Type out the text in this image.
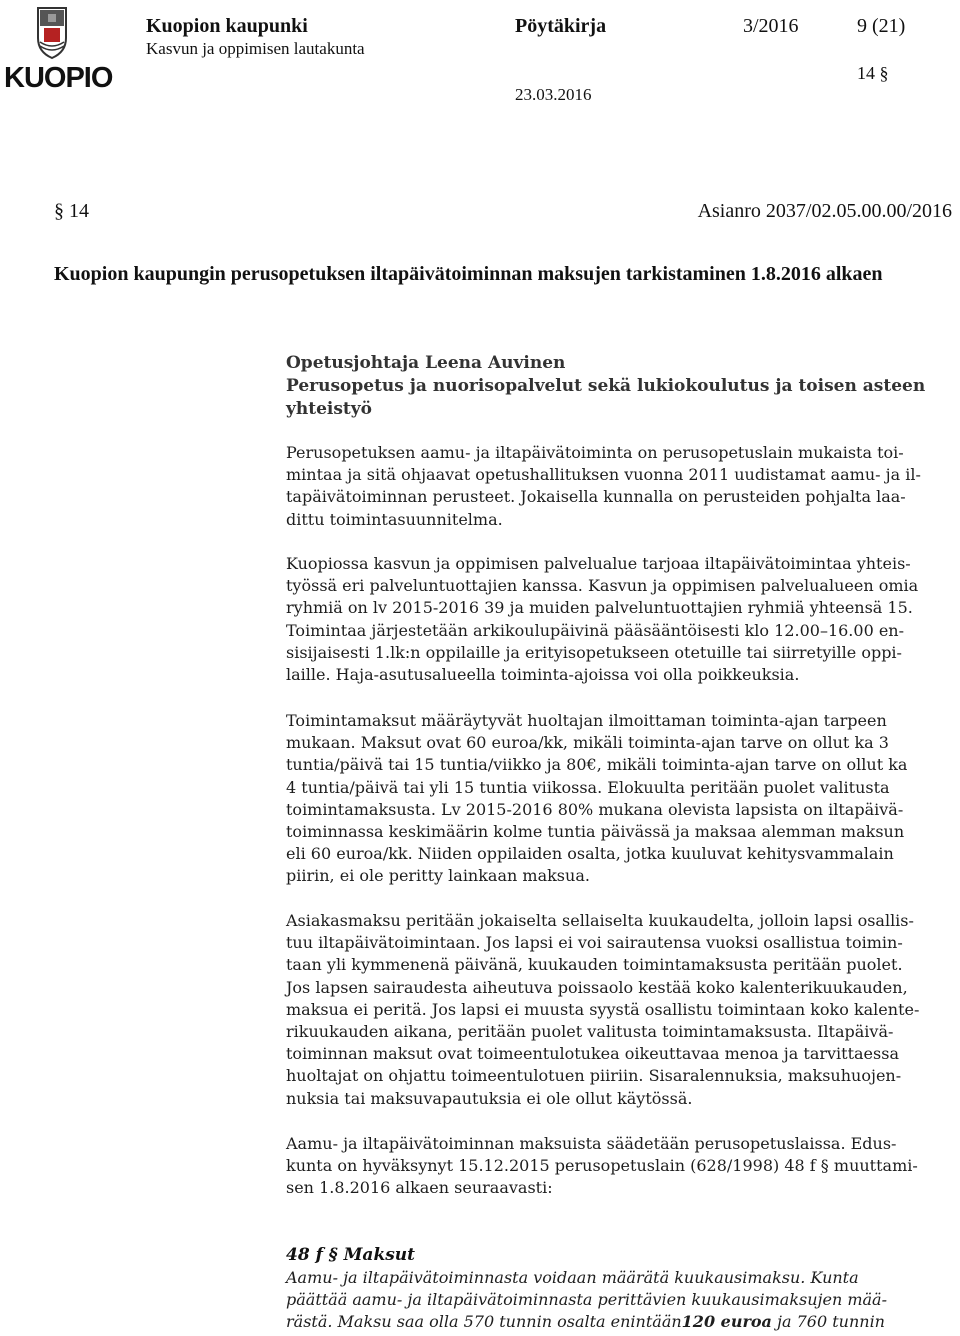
KUOPIO
Kuopion kaupunki
Kasvun ja oppimisen lautakunta
Pöytäkirja	3/2016	9 (21)
14 §
23.03.2016
§ 14	Asianro 2037/02.05.00.00/2016
Kuopion kaupungin perusopetuksen iltapäivätoiminnan maksujen tarkistaminen 1.8.2016 alkaen
Opetusjohtaja Leena Auvinen
Perusopetus ja nuorisopalvelut sekä lukiokoulutus ja toisen asteen yhteistyö

Perusopetuksen aamu- ja iltapäivätoiminta on perusopetuslain mukaista toi-
mintaa ja sitä ohjaavat opetushallituksen vuonna 2011 uudistamat aamu- ja il-
tapäivätoiminnan perusteet. Jokaisella kunnalla on perusteiden pohjalta laa-
dittu toimintasuunnitelma.

Kuopiossa kasvun ja oppimisen palvelualue tarjoaa iltapäivätoimintaa yhteis-
työssä eri palveluntuottajien kanssa. Kasvun ja oppimisen palvelualueen omia
ryhmiä on lv 2015-2016 39 ja muiden palveluntuottajien ryhmiä yhteensä 15.
Toimintaa järjestetään arkikoulupäivinä pääsääntöisesti klo 12.00–16.00 en-
sisijaisesti 1.lk:n oppilaille ja erityisopetukseen otetuille tai siirretyille oppi-
laille. Haja-asutusalueella toiminta-ajoissa voi olla poikkeuksia.

Toimintamaksut määräytyvät huoltajan ilmoittaman toiminta-ajan tarpeen
mukaan. Maksut ovat 60 euroa/kk, mikäli toiminta-ajan tarve on ollut ka 3
tuntia/päivä tai 15 tuntia/viikko ja 80€, mikäli toiminta-ajan tarve on ollut ka
4 tuntia/päivä tai yli 15 tuntia viikossa. Elokuulta peritään puolet valitusta
toimintamaksusta. Lv 2015-2016 80% mukana olevista lapsista on iltapäivä-
toiminnassa keskimäärin kolme tuntia päivässä ja maksaa alemman maksun
eli 60 euroa/kk. Niiden oppilaiden osalta, jotka kuuluvat kehitysvammalain
piirin, ei ole peritty lainkaan maksua.

Asiakasmaksu peritään jokaiselta sellaiselta kuukaudelta, jolloin lapsi osallis-
tuu iltapäivätoimintaan. Jos lapsi ei voi sairautensa vuoksi osallistua toimin-
taan yli kymmenenä päivänä, kuukauden toimintamaksusta peritään puolet.
Jos lapsen sairaudesta aiheutuva poissaolo kestää koko kalenterikuukauden,
maksua ei peritä. Jos lapsi ei muusta syystä osallistu toimintaan koko kalente-
rikuukauden aikana, peritään puolet valitusta toimintamaksusta. Iltapäivä-
toiminnan maksut ovat toimeentulotukea oikeuttavaa menoa ja tarvittaessa
huoltajat on ohjattu toimeentulotuen piiriin. Sisaralennuksia, maksuhuojen-
nuksia tai maksuvapautuksia ei ole ollut käytössä.

Aamu- ja iltapäivätoiminnan maksuista säädetään perusopetuslaissa. Edus-
kunta on hyväksynyt 15.12.2015 perusopetuslain (628/1998) 48 f § muuttami-
sen 1.8.2016 alkaen seuraavasti:

48 f § Maksut
Aamu- ja iltapäivätoiminnasta voidaan määrätä kuukausimaksu. Kunta
päättää aamu- ja iltapäivätoiminnasta perittävien kuukausimaksujen mää-
rästä. Maksu saa olla 570 tunnin osalta enintään120 euroa ja 760 tunnin
